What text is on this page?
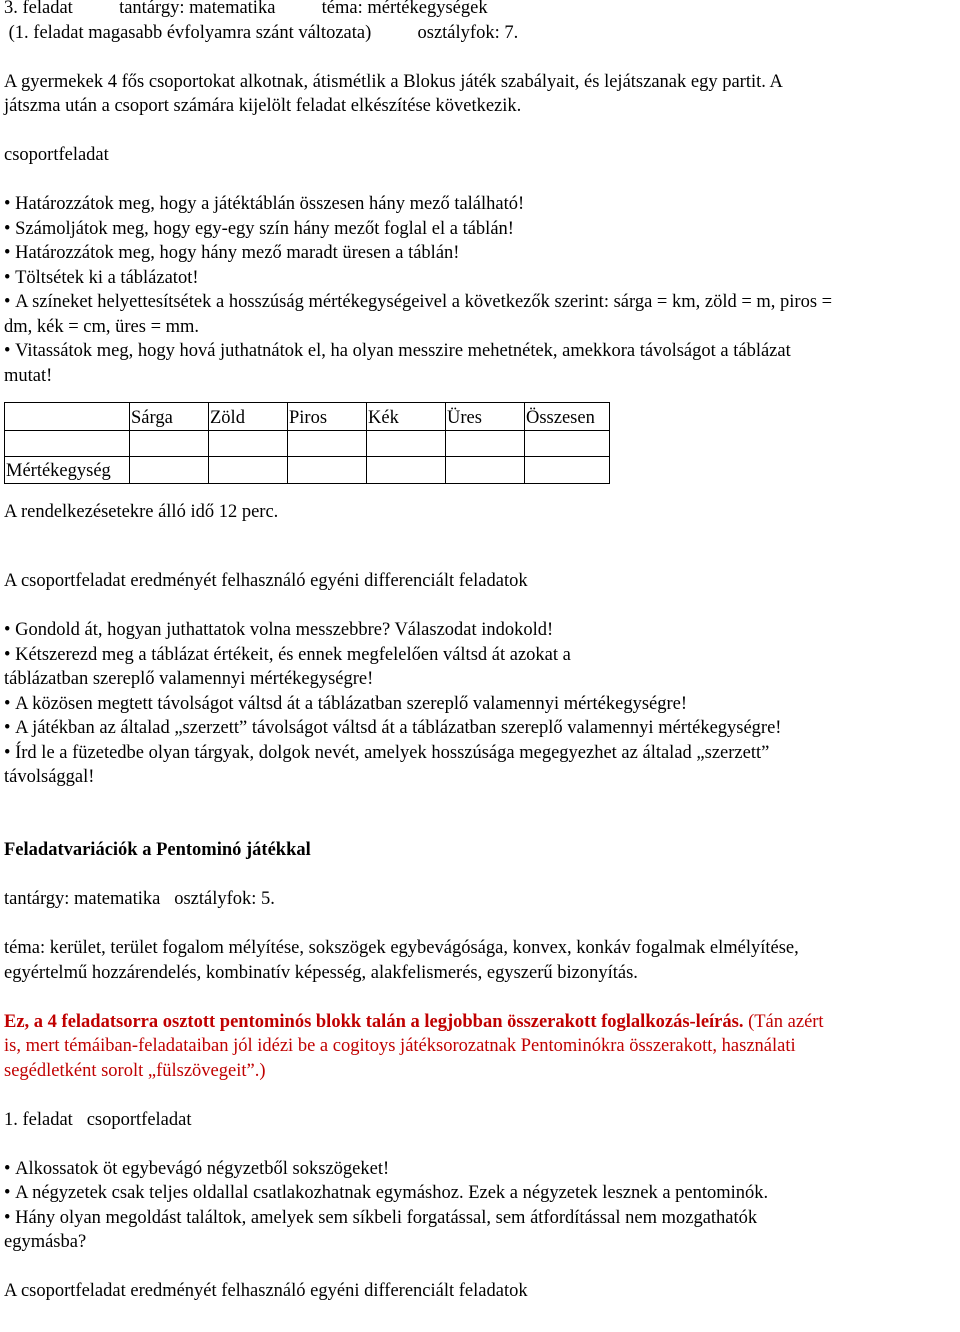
3. feladat          tantárgy: matematika          téma: mértékegységek
(1. feladat magasabb évfolyamra szánt változata)          osztályfok: 7.
A gyermekek 4 fős csoportokat alkotnak, átismétlik a Blokus játék szabályait, és lejátszanak egy partit. A
játszma után a csoport számára kijelölt feladat elkészítése következik.
csoportfeladat
• Határozzátok meg, hogy a játéktáblán összesen hány mező található!
• Számoljátok meg, hogy egy-egy szín hány mezőt foglal el a táblán!
• Határozzátok meg, hogy hány mező maradt üresen a táblán!
• Töltsétek ki a táblázatot!
• A színeket helyettesítsétek a hosszúság mértékegységeivel a következők szerint: sárga = km, zöld = m, piros =
dm, kék = cm, üres = mm.
• Vitassátok meg, hogy hová juthatnátok el, ha olyan messzire mehetnétek, amekkora távolságot a táblázat
mutat!
	Sárga	Zöld	Piros	Kék	Üres	Összesen

Mértékegység						
A rendelkezésetekre álló idő 12 perc.
A csoportfeladat eredményét felhasználó egyéni differenciált feladatok
• Gondold át, hogyan juthattatok volna messzebbre? Válaszodat indokold!
• Kétszerezd meg a táblázat értékeit, és ennek megfelelően váltsd át azokat a
táblázatban szereplő valamennyi mértékegységre!
• A közösen megtett távolságot váltsd át a táblázatban szereplő valamennyi mértékegységre!
• A játékban az általad „szerzett” távolságot váltsd át a táblázatban szereplő valamennyi mértékegységre!
• Írd le a füzetedbe olyan tárgyak, dolgok nevét, amelyek hosszúsága megegyezhet az általad „szerzett”
távolsággal!
Feladatvariációk a Pentominó játékkal
tantárgy: matematika   osztályfok: 5.
téma: kerület, terület fogalom mélyítése, sokszögek egybevágósága, konvex, konkáv fogalmak elmélyítése,
egyértelmű hozzárendelés, kombinatív képesség, alakfelismerés, egyszerű bizonyítás.
Ez, a 4 feladatsorra osztott pentominós blokk talán a legjobban összerakott foglalkozás-leírás. (Tán azért
is, mert témáiban-feladataiban jól idézi be a cogitoys játéksorozatnak Pentominókra összerakott, használati
segédletként sorolt „fülszövegeit”.)
1. feladat   csoportfeladat
• Alkossatok öt egybevágó négyzetből sokszögeket!
• A négyzetek csak teljes oldallal csatlakozhatnak egymáshoz. Ezek a négyzetek lesznek a pentominók.
• Hány olyan megoldást találtok, amelyek sem síkbeli forgatással, sem átfordítással nem mozgathatók
egymásba?
A csoportfeladat eredményét felhasználó egyéni differenciált feladatok
